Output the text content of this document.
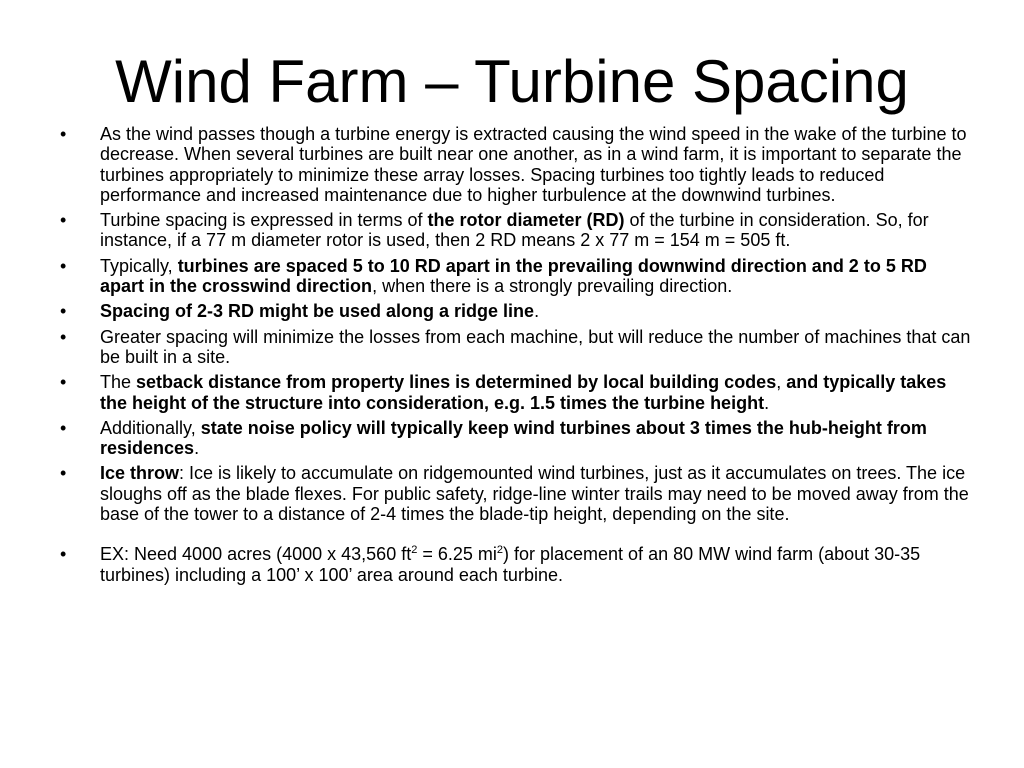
Wind Farm – Turbine Spacing
• As the wind passes though a turbine energy is extracted causing the wind speed in the wake of the turbine to decrease. When several turbines are built near one another, as in a wind farm, it is important to separate the turbines appropriately to minimize these array losses. Spacing turbines too tightly leads to reduced performance and increased maintenance due to higher turbulence at the downwind turbines.
• Turbine spacing is expressed in terms of the rotor diameter (RD) of the turbine in consideration. So, for instance, if a 77 m diameter rotor is used, then 2 RD means 2 x 77 m = 154 m = 505 ft.
• Typically, turbines are spaced 5 to 10 RD apart in the prevailing downwind direction and 2 to 5 RD apart in the crosswind direction, when there is a strongly prevailing direction.
• Spacing of 2-3 RD might be used along a ridge line.
• Greater spacing will minimize the losses from each machine, but will reduce the number of machines that can be built in a site.
• The setback distance from property lines is determined by local building codes, and typically takes the height of the structure into consideration, e.g. 1.5 times the turbine height.
• Additionally, state noise policy will typically keep wind turbines about 3 times the hub-height from residences.
• Ice throw: Ice is likely to accumulate on ridgemounted wind turbines, just as it accumulates on trees. The ice sloughs off as the blade flexes. For public safety, ridge-line winter trails may need to be moved away from the base of the tower to a distance of 2-4 times the blade-tip height, depending on the site.
• EX: Need 4000 acres (4000 x 43,560 $ft^2 = 6.25$ $mi^2$) for placement of an 80 MW wind farm (about 30-35 turbines) including a 100’ x 100’ area around each turbine.
